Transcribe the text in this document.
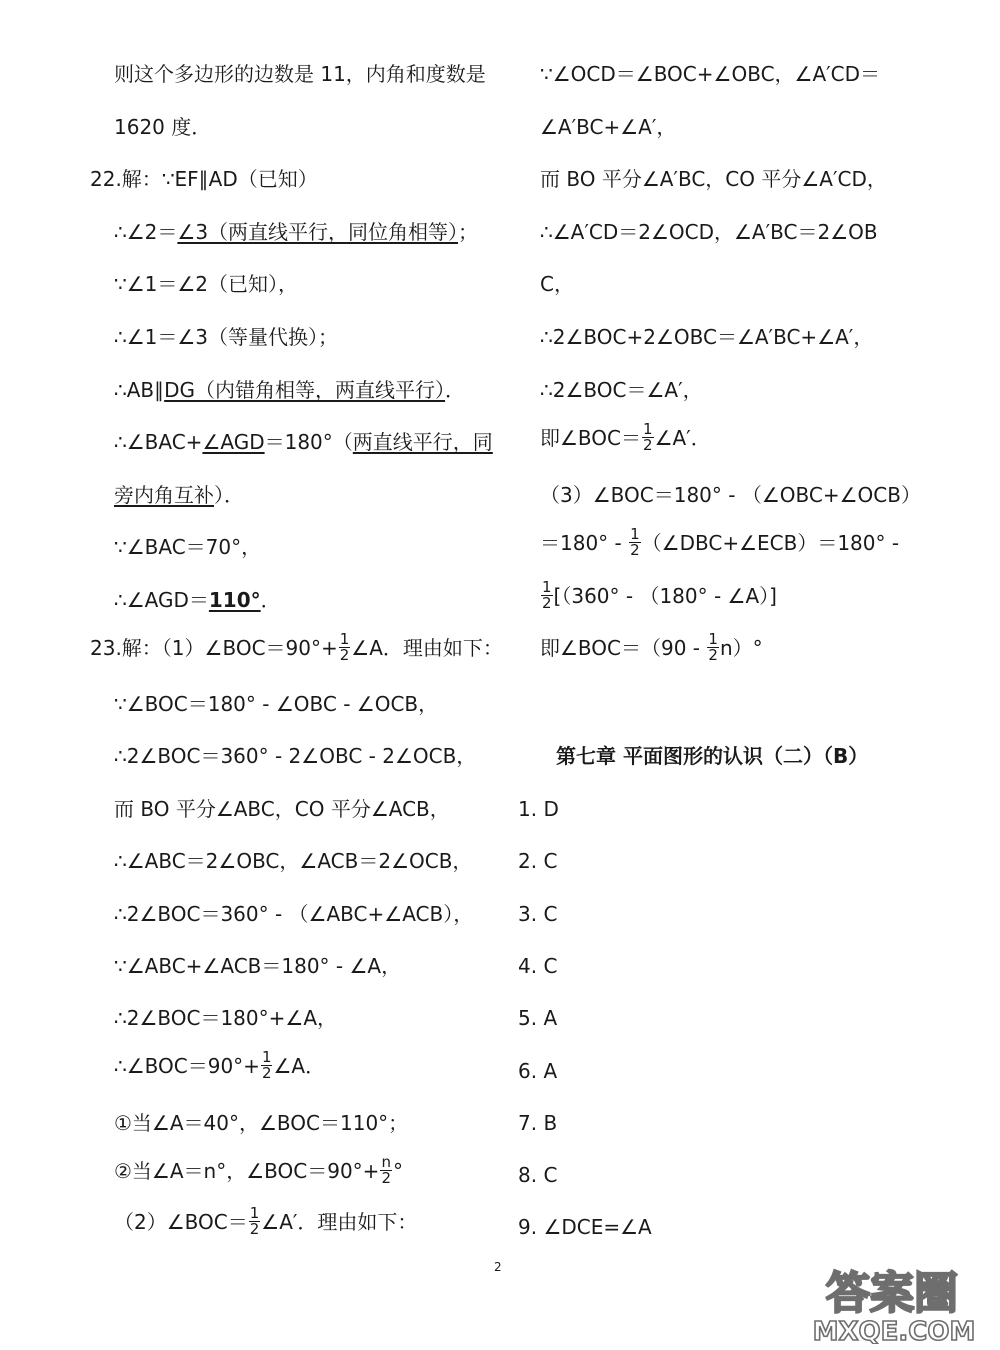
则这个多边形的边数是 11，内角和度数是
1620 度．
22.解：∵EF∥AD（已知）
∴∠2＝∠3（两直线平行，同位角相等）；
∵∠1＝∠2（已知），
∴∠1＝∠3（等量代换）；
∴AB∥DG（内错角相等，两直线平行）．
∴∠BAC+∠AGD＝180°（两直线平行，同
旁内角互补）．
∵∠BAC＝70°，
∴∠AGD＝110°．
23.解：（1）∠BOC＝90°+ $\frac{1}{2}$ ∠A．理由如下：
∵∠BOC＝180° - ∠OBC - ∠OCB，
∴2∠BOC＝360° - 2∠OBC - 2∠OCB，
而 BO 平分∠ABC，CO 平分∠ACB，
∴∠ABC＝2∠OBC，∠ACB＝2∠OCB，
∴2∠BOC＝360° - （∠ABC+∠ACB），
∵∠ABC+∠ACB＝180° - ∠A，
∴2∠BOC＝180°+∠A，
∴∠BOC＝90°+ $\frac{1}{2}$ ∠A．
①当∠A＝40°，∠BOC＝110°；
②当∠A＝n°，∠BOC＝90°+ $\frac{n}{2}$ °
（2）∠BOC＝ $\frac{1}{2}$ ∠A′．理由如下：
∵∠OCD＝∠BOC+∠OBC，∠A′CD＝
∠A′BC+∠A′，
而 BO 平分∠A′BC，CO 平分∠A′CD，
∴∠A′CD＝2∠OCD，∠A′BC＝2∠OB
C，
∴2∠BOC+2∠OBC＝∠A′BC+∠A′，
∴2∠BOC＝∠A′，
即∠BOC＝ $\frac{1}{2}$ ∠A′．
（3）∠BOC＝180° - （∠OBC+∠OCB）
$=180^\circ - \frac{1}{2}$ （∠DBC+∠ECB）＝180° -
$\frac{1}{2} [(360^\circ - (180^\circ$ - ∠A）]
即∠BOC＝（90 - $\frac{1}{2} n)^\circ$
第七章 平面图形的认识（二）（B）
1. D
2. C
3. C
4. C
5. A
6. A
7. B
8. C
9. ∠DCE=∠A
2
答案圈
MXQE.COM
